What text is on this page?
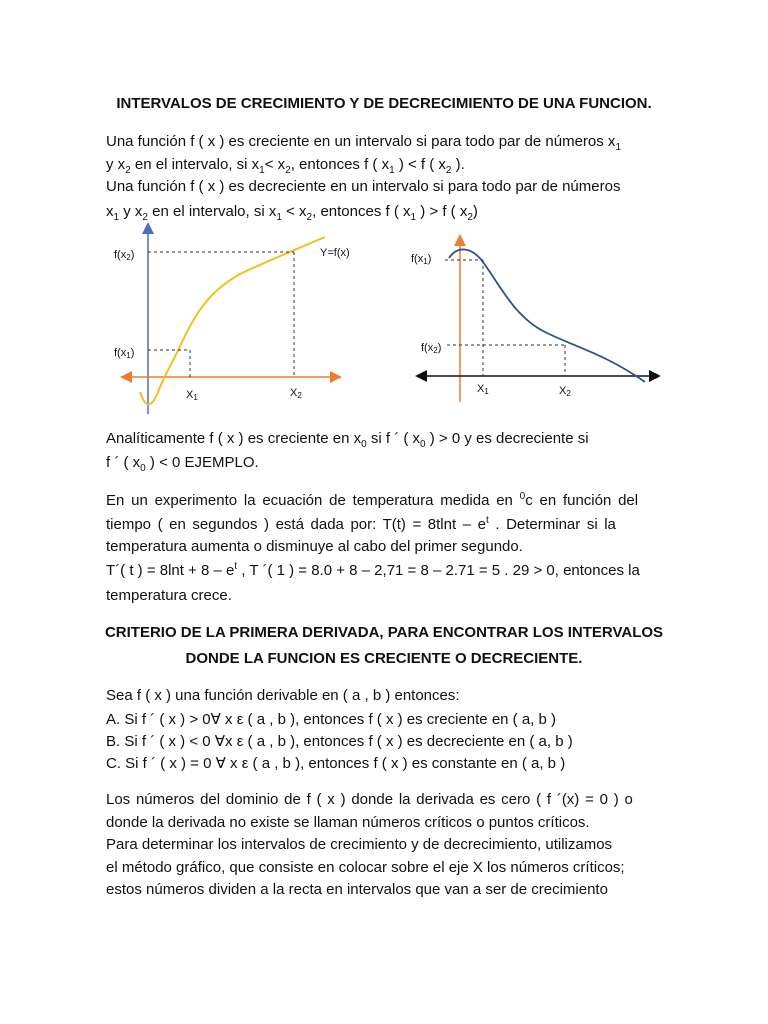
INTERVALOS DE CRECIMIENTO Y DE DECRECIMIENTO DE UNA FUNCION.
Una función f ( x ) es creciente en un intervalo si para todo par de números $x_1$
y $x_2$ en el intervalo, si $x_1< x_2$, entonces f ( $x_1$ ) < f ( $x_2$ ).
Una función f ( x ) es decreciente en un intervalo si para todo par de números
$x_1$ y $x_2$ en el intervalo, si $x_1 < x_2$, entonces f ( $x_1$ ) > f ( $x_2$)
f(x2)
f(x1)
Y=f(x)
X1	X2
f(x1)
f(x2)
X1	X2
Analíticamente f ( x ) es creciente en $x_0$ si f ´ ( $x_0$ ) > 0 y es decreciente si
f ´ ( $x_0$ ) < 0 EJEMPLO.
En un experimento la ecuación de temperatura medida en $^0$c en función del
tiempo ( en segundos ) está dada por: $T(t) = 8tlnt - e^t$ . Determinar si la
temperatura aumenta o disminuye al cabo del primer segundo.
T´( t ) = $8\ln t + 8 - e^t$ , T ´( 1 ) = 8.0 + 8 – 2,71 = 8 – 2.71 = 5 . 29 > 0, entonces la
temperatura crece.
CRITERIO DE LA PRIMERA DERIVADA, PARA ENCONTRAR LOS INTERVALOS
DONDE LA FUNCION ES CRECIENTE O DECRECIENTE.
Sea f ( x ) una función derivable en ( a , b ) entonces:
A. Si f ´ ( x ) > 0∀ x ε ( a , b ), entonces f ( x ) es creciente en ( a, b )
B. Si f ´ ( x ) < 0 ∀x ε ( a , b ), entonces f ( x ) es decreciente en ( a, b )
C. Si f ´ ( x ) = 0 ∀ x ε ( a , b ), entonces f ( x ) es constante en ( a, b )
Los números del dominio de f ( x ) donde la derivada es cero ( f ´(x) = 0 ) o
donde la derivada no existe se llaman números críticos o puntos críticos.
Para determinar los intervalos de crecimiento y de decrecimiento, utilizamos
el método gráfico, que consiste en colocar sobre el eje X los números críticos;
estos números dividen a la recta en intervalos que van a ser de crecimiento
